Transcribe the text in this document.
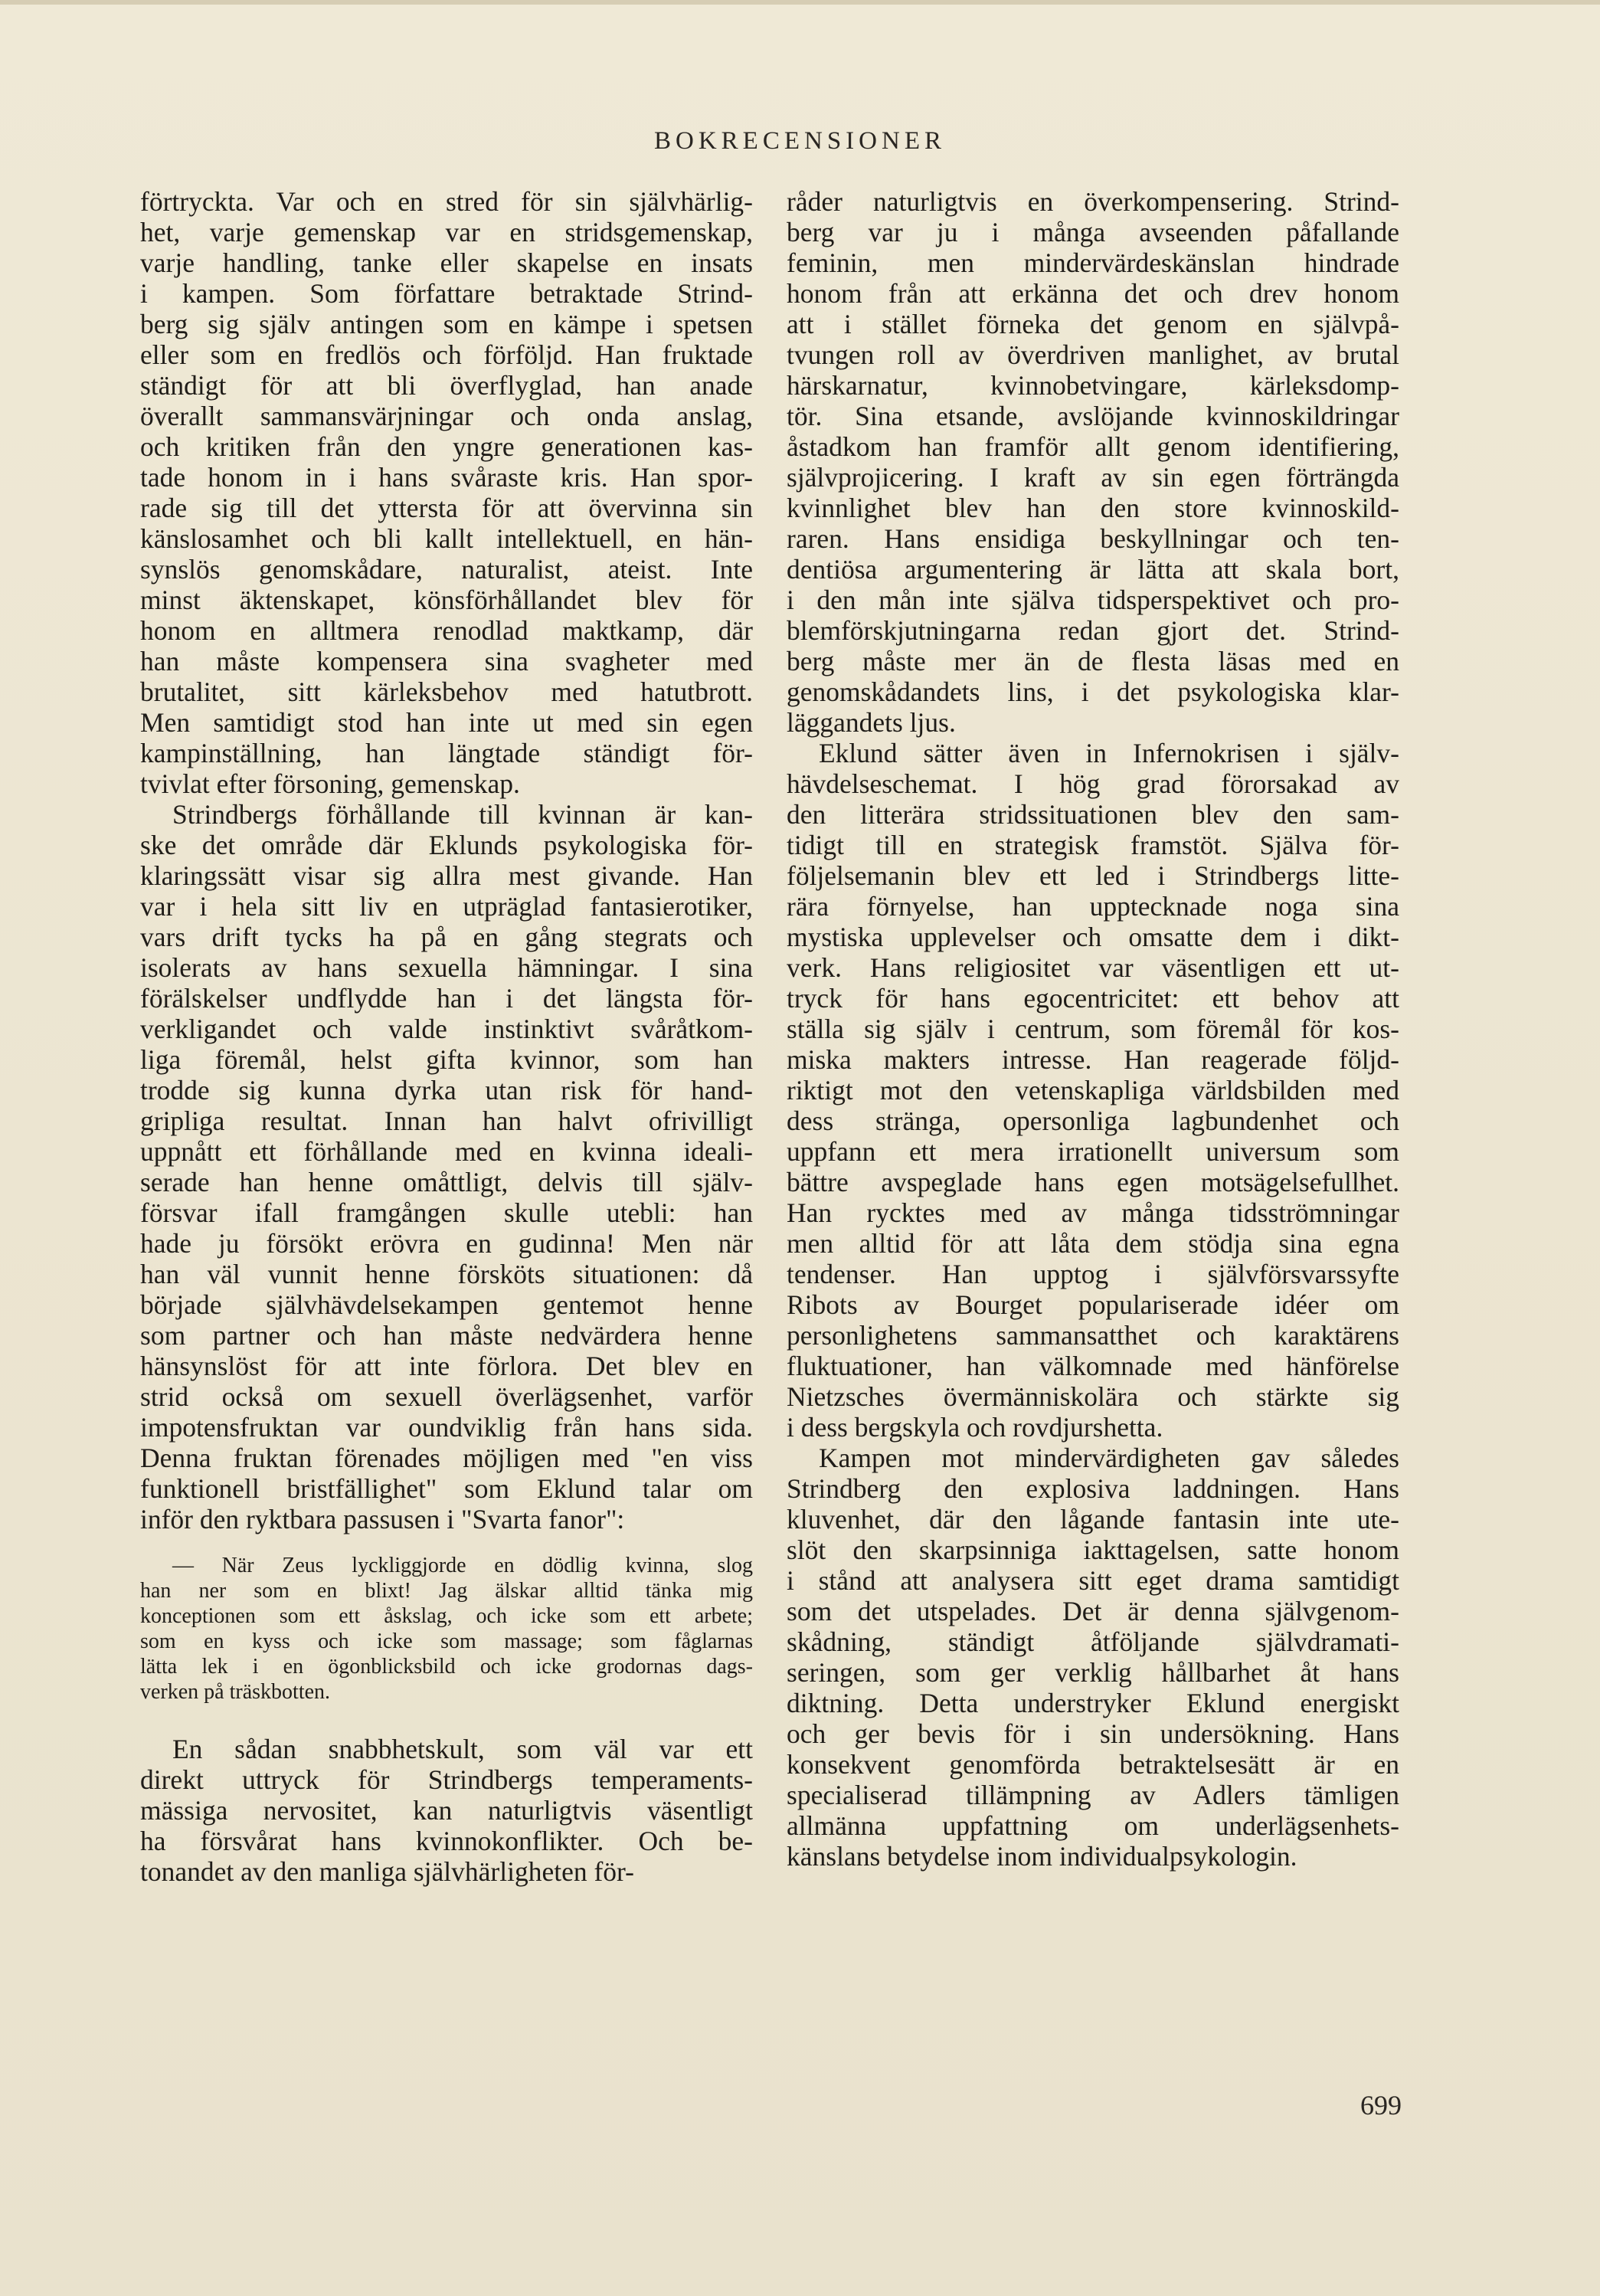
BOKRECENSIONER
förtryckta. Var och en stred för sin självhärlig-
het, varje gemenskap var en stridsgemenskap,
varje handling, tanke eller skapelse en insats
i kampen. Som författare betraktade Strind-
berg sig själv antingen som en kämpe i spetsen
eller som en fredlös och förföljd. Han fruktade
ständigt för att bli överflyglad, han anade
överallt sammansvärjningar och onda anslag,
och kritiken från den yngre generationen kas-
tade honom in i hans svåraste kris. Han spor-
rade sig till det yttersta för att övervinna sin
känslosamhet och bli kallt intellektuell, en hän-
synslös genomskådare, naturalist, ateist. Inte
minst äktenskapet, könsförhållandet blev för
honom en alltmera renodlad maktkamp, där
han måste kompensera sina svagheter med
brutalitet, sitt kärleksbehov med hatutbrott.
Men samtidigt stod han inte ut med sin egen
kampinställning, han längtade ständigt för-
tvivlat efter försoning, gemenskap.
Strindbergs förhållande till kvinnan är kan-
ske det område där Eklunds psykologiska för-
klaringssätt visar sig allra mest givande. Han
var i hela sitt liv en utpräglad fantasierotiker,
vars drift tycks ha på en gång stegrats och
isolerats av hans sexuella hämningar. I sina
förälskelser undflydde han i det längsta för-
verkligandet och valde instinktivt svåråtkom-
liga föremål, helst gifta kvinnor, som han
trodde sig kunna dyrka utan risk för hand-
gripliga resultat. Innan han halvt ofrivilligt
uppnått ett förhållande med en kvinna ideali-
serade han henne omåttligt, delvis till själv-
försvar ifall framgången skulle utebli: han
hade ju försökt erövra en gudinna! Men när
han väl vunnit henne försköts situationen: då
började självhävdelsekampen gentemot henne
som partner och han måste nedvärdera henne
hänsynslöst för att inte förlora. Det blev en
strid också om sexuell överlägsenhet, varför
impotensfruktan var oundviklig från hans sida.
Denna fruktan förenades möjligen med "en viss
funktionell bristfällighet" som Eklund talar om
inför den ryktbara passusen i "Svarta fanor":
— När Zeus lyckliggjorde en dödlig kvinna, slog
han ner som en blixt! Jag älskar alltid tänka mig
konceptionen som ett åskslag, och icke som ett arbete;
som en kyss och icke som massage; som fåglarnas
lätta lek i en ögonblicksbild och icke grodornas dags-
verken på träskbotten.
En sådan snabbhetskult, som väl var ett
direkt uttryck för Strindbergs temperaments-
mässiga nervositet, kan naturligtvis väsentligt
ha försvårat hans kvinnokonflikter. Och be-
tonandet av den manliga självhärligheten för-
råder naturligtvis en överkompensering. Strind-
berg var ju i många avseenden påfallande
feminin, men mindervärdeskänslan hindrade
honom från att erkänna det och drev honom
att i stället förneka det genom en självpå-
tvungen roll av överdriven manlighet, av brutal
härskarnatur, kvinnobetvingare, kärleksdomp-
tör. Sina etsande, avslöjande kvinnoskildringar
åstadkom han framför allt genom identifiering,
självprojicering. I kraft av sin egen förträngda
kvinnlighet blev han den store kvinnoskild-
raren. Hans ensidiga beskyllningar och ten-
dentiösa argumentering är lätta att skala bort,
i den mån inte själva tidsperspektivet och pro-
blemförskjutningarna redan gjort det. Strind-
berg måste mer än de flesta läsas med en
genomskådandets lins, i det psykologiska klar-
läggandets ljus.
Eklund sätter även in Infernokrisen i själv-
hävdelseschemat. I hög grad förorsakad av
den litterära stridssituationen blev den sam-
tidigt till en strategisk framstöt. Själva för-
följelsemanin blev ett led i Strindbergs litte-
rära förnyelse, han upptecknade noga sina
mystiska upplevelser och omsatte dem i dikt-
verk. Hans religiositet var väsentligen ett ut-
tryck för hans egocentricitet: ett behov att
ställa sig själv i centrum, som föremål för kos-
miska makters intresse. Han reagerade följd-
riktigt mot den vetenskapliga världsbilden med
dess stränga, opersonliga lagbundenhet och
uppfann ett mera irrationellt universum som
bättre avspeglade hans egen motsägelsefullhet.
Han rycktes med av många tidsströmningar
men alltid för att låta dem stödja sina egna
tendenser. Han upptog i självförsvarssyfte
Ribots av Bourget populariserade idéer om
personlighetens sammansatthet och karaktärens
fluktuationer, han välkomnade med hänförelse
Nietzsches övermänniskolära och stärkte sig
i dess bergskyla och rovdjurshetta.
Kampen mot mindervärdigheten gav således
Strindberg den explosiva laddningen. Hans
kluvenhet, där den lågande fantasin inte ute-
slöt den skarpsinniga iakttagelsen, satte honom
i stånd att analysera sitt eget drama samtidigt
som det utspelades. Det är denna självgenom-
skådning, ständigt åtföljande självdramati-
seringen, som ger verklig hållbarhet åt hans
diktning. Detta understryker Eklund energiskt
och ger bevis för i sin undersökning. Hans
konsekvent genomförda betraktelsesätt är en
specialiserad tillämpning av Adlers tämligen
allmänna uppfattning om underlägsenhets-
känslans betydelse inom individualpsykologin.
699
